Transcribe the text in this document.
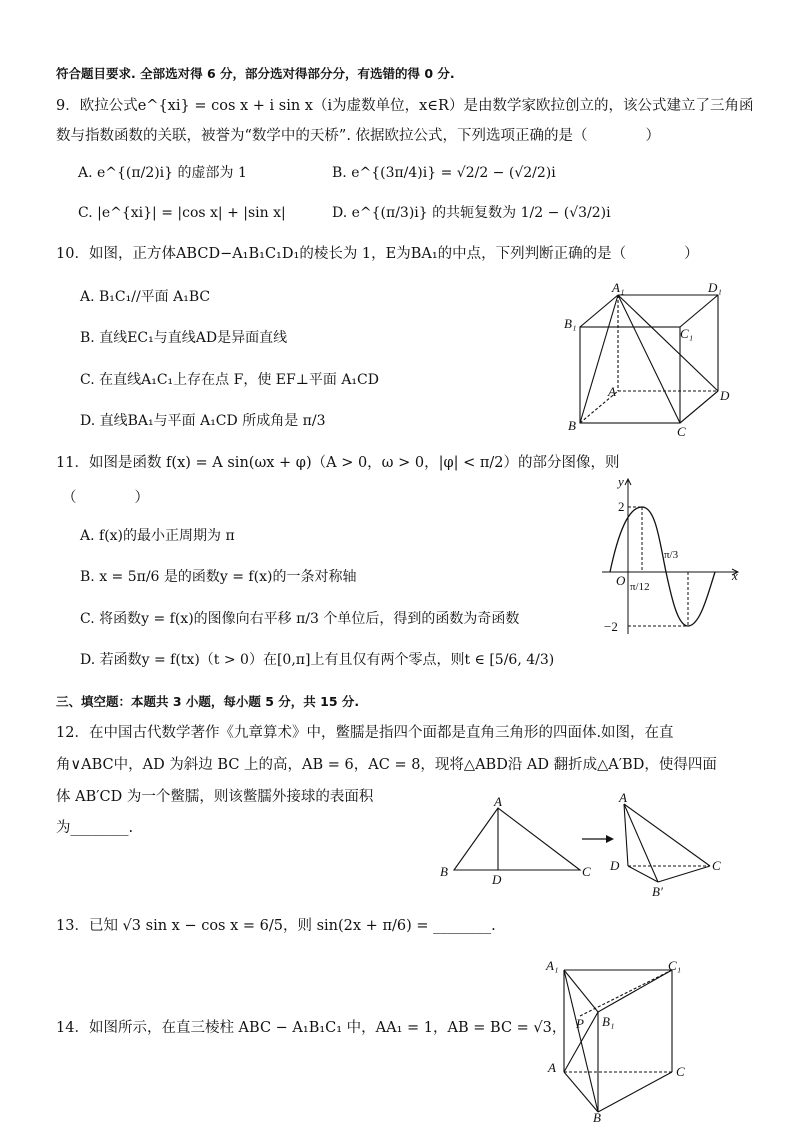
符合题目要求. 全部选对得 6 分，部分选对得部分分，有选错的得 0 分.
9．欧拉公式e^{xi} = cos x + i sin x（i为虚数单位，x∈R）是由数学家欧拉创立的，该公式建立了三角函
数与指数函数的关联，被誉为“数学中的天桥”. 依据欧拉公式，下列选项正确的是（　　　　）
A. e^{(π/2)i} 的虚部为 1	B. e^{(3π/4)i} = √2/2 − (√2/2)i
C. |e^{xi}| = |cos x| + |sin x|	D. e^{(π/3)i} 的共轭复数为 1/2 − (√3/2)i
10．如图，正方体ABCD−A₁B₁C₁D₁的棱长为 1，E为BA₁的中点，下列判断正确的是（　　　　）
A. B₁C₁//平面 A₁BC
B. 直线EC₁与直线AD是异面直线
C. 在直线A₁C₁上存在点 F，使 EF⊥平面 A₁CD
D. 直线BA₁与平面 A₁CD 所成角是 π/3
A₁	D₁
B₁
C₁
A	D
B	C
11．如图是函数 f(x) = A sin(ωx + φ)（A > 0，ω > 0，|φ| < π/2）的部分图像，则
（　　　　）
A. f(x)的最小正周期为 π
B. x = 5π/6 是的函数y = f(x)的一条对称轴
C. 将函数y = f(x)的图像向右平移 π/3 个单位后，得到的函数为奇函数
D. 若函数y = f(tx)（t > 0）在[0,π]上有且仅有两个零点，则t ∈ [5/6, 4/3)
y
x
O
2
−2
π/12
π/3
三、填空题：本题共 3 小题，每小题 5 分，共 15 分.
12．在中国古代数学著作《九章算术》中，鳖臑是指四个面都是直角三角形的四面体.如图，在直
角∨ABC中，AD 为斜边 BC 上的高，AB = 6，AC = 8，现将△ABD沿 AD 翻折成△A′BD，使得四面
体 AB′CD 为一个鳖臑，则该鳖臑外接球的表面积
为________.
A
B
D
C
A
D	C
B′
13．已知 √3 sin x − cos x = 6/5，则 sin(2x + π/6) = ________.
14．如图所示，在直三棱柱 ABC − A₁B₁C₁ 中，AA₁ = 1，AB = BC = √3，
A₁	C₁
P B₁
A	C
B
